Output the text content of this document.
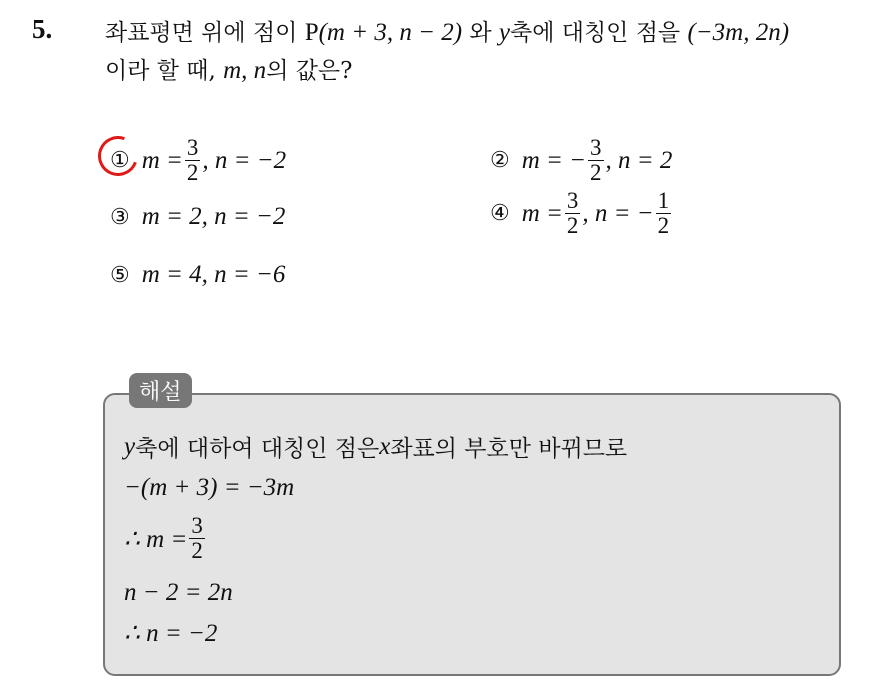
5. 좌표평면 위에 점이 P(m + 3, n − 2) 와 y축에 대칭인 점을 (−3m, 2n)
이라 할 때, m, n의 값은?
① $m = \frac{3}{2}$ , n = −2	② m = − $\frac{3}{2}$ , n = 2
③ m = 2, n = −2	④ $m = \frac{3}{2}$ , n = − $\frac{1}{2}$
⑤ m = 4, n = −6
해설
y 축에 대하여 대칭인 점은 x 좌표의 부호만 바뀌므로
−(m + 3) = −3m
∴ $m = \frac{3}{2}$
n − 2 = 2n
∴ n = −2
